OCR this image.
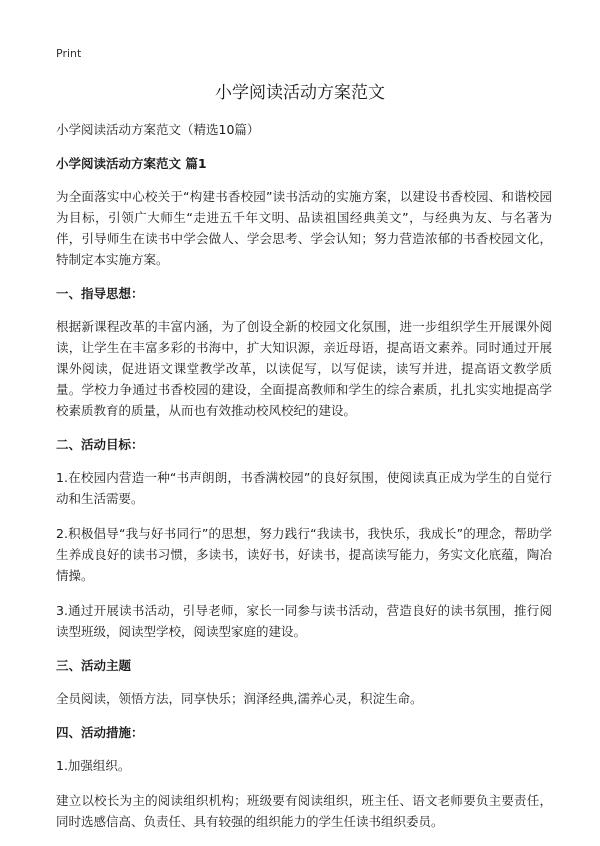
Print
小学阅读活动方案范文
小学阅读活动方案范文（精选10篇）
小学阅读活动方案范文 篇1

为全面落实中心校关于“构建书香校园”读书活动的实施方案，以建设书香校园、和谐校园为目标，引领广大师生“走进五千年文明、品读祖国经典美文”，与经典为友、与名著为伴，引导师生在读书中学会做人、学会思考、学会认知；努力营造浓郁的书香校园文化，特制定本实施方案。

一、指导思想：

根据新课程改革的丰富内涵，为了创设全新的校园文化氛围，进一步组织学生开展课外阅读，让学生在丰富多彩的书海中，扩大知识源，亲近母语，提高语文素养。同时通过开展课外阅读，促进语文课堂教学改革，以读促写，以写促读，读写并进，提高语文教学质量。学校力争通过书香校园的建设，全面提高教师和学生的综合素质，扎扎实实地提高学校素质教育的质量，从而也有效推动校风校纪的建设。

二、活动目标：

1.在校园内营造一种“书声朗朗，书香满校园”的良好氛围，使阅读真正成为学生的自觉行动和生活需要。

2.积极倡导“我与好书同行”的思想，努力践行“我读书，我快乐，我成长”的理念，帮助学生养成良好的读书习惯，多读书，读好书，好读书，提高读写能力，务实文化底蕴，陶冶情操。

3.通过开展读书活动，引导老师，家长一同参与读书活动，营造良好的读书氛围，推行阅读型班级，阅读型学校，阅读型家庭的建设。

三、活动主题

全员阅读，领悟方法，同享快乐；润泽经典,濡养心灵，积淀生命。

四、活动措施：

1.加强组织。

建立以校长为主的阅读组织机构；班级要有阅读组织，班主任、语文老师要负主要责任，同时选感信高、负责任、具有较强的组织能力的学生任读书组织委员。
